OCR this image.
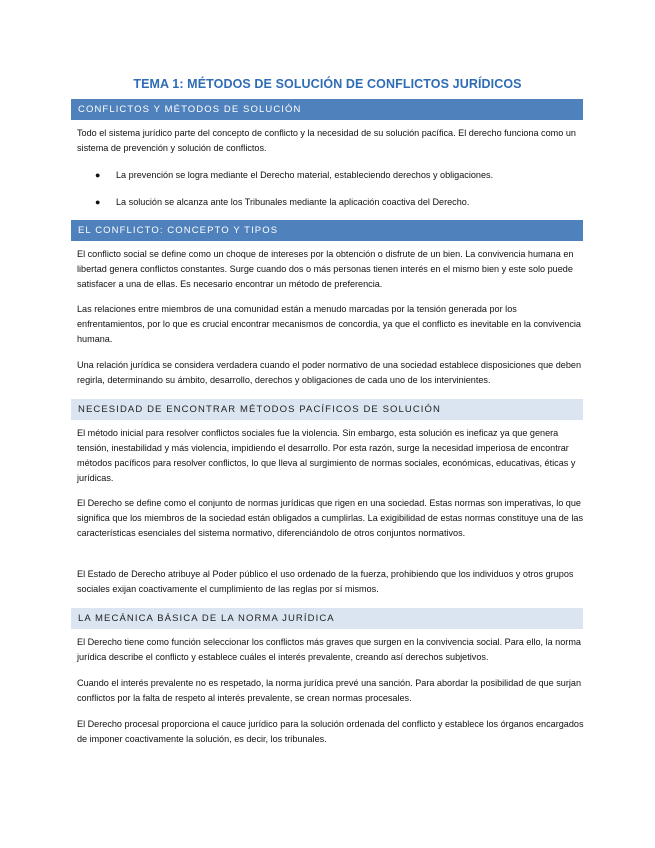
TEMA 1: MÉTODOS DE SOLUCIÓN DE CONFLICTOS JURÍDICOS
CONFLICTOS Y MÉTODOS DE SOLUCIÓN

Todo el sistema jurídico parte del concepto de conflicto y la necesidad de su solución pacífica. El derecho funciona como un sistema de prevención y solución de conflictos.

● La prevención se logra mediante el Derecho material, estableciendo derechos y obligaciones.
● La solución se alcanza ante los Tribunales mediante la aplicación coactiva del Derecho.
EL CONFLICTO: CONCEPTO Y TIPOS

El conflicto social se define como un choque de intereses por la obtención o disfrute de un bien. La convivencia humana en libertad genera conflictos constantes. Surge cuando dos o más personas tienen interés en el mismo bien y este solo puede satisfacer a una de ellas. Es necesario encontrar un método de preferencia.

Las relaciones entre miembros de una comunidad están a menudo marcadas por la tensión generada por los enfrentamientos, por lo que es crucial encontrar mecanismos de concordia, ya que el conflicto es inevitable en la convivencia humana.

Una relación jurídica se considera verdadera cuando el poder normativo de una sociedad establece disposiciones que deben regirla, determinando su ámbito, desarrollo, derechos y obligaciones de cada uno de los intervinientes.

NECESIDAD DE ENCONTRAR MÉTODOS PACÍFICOS DE SOLUCIÓN

El método inicial para resolver conflictos sociales fue la violencia. Sin embargo, esta solución es ineficaz ya que genera tensión, inestabilidad y más violencia, impidiendo el desarrollo. Por esta razón, surge la necesidad imperiosa de encontrar métodos pacíficos para resolver conflictos, lo que lleva al surgimiento de normas sociales, económicas, educativas, éticas y jurídicas.

El Derecho se define como el conjunto de normas jurídicas que rigen en una sociedad. Estas normas son imperativas, lo que significa que los miembros de la sociedad están obligados a cumplirlas. La exigibilidad de estas normas constituye una de las características esenciales del sistema normativo, diferenciándolo de otros conjuntos normativos.

El Estado de Derecho atribuye al Poder público el uso ordenado de la fuerza, prohibiendo que los individuos y otros grupos sociales exijan coactivamente el cumplimiento de las reglas por sí mismos.

LA MECÁNICA BÁSICA DE LA NORMA JURÍDICA

El Derecho tiene como función seleccionar los conflictos más graves que surgen en la convivencia social. Para ello, la norma jurídica describe el conflicto y establece cuáles el interés prevalente, creando así derechos subjetivos.

Cuando el interés prevalente no es respetado, la norma jurídica prevé una sanción. Para abordar la posibilidad de que surjan conflictos por la falta de respeto al interés prevalente, se crean normas procesales.

El Derecho procesal proporciona el cauce jurídico para la solución ordenada del conflicto y establece los órganos encargados de imponer coactivamente la solución, es decir, los tribunales.
